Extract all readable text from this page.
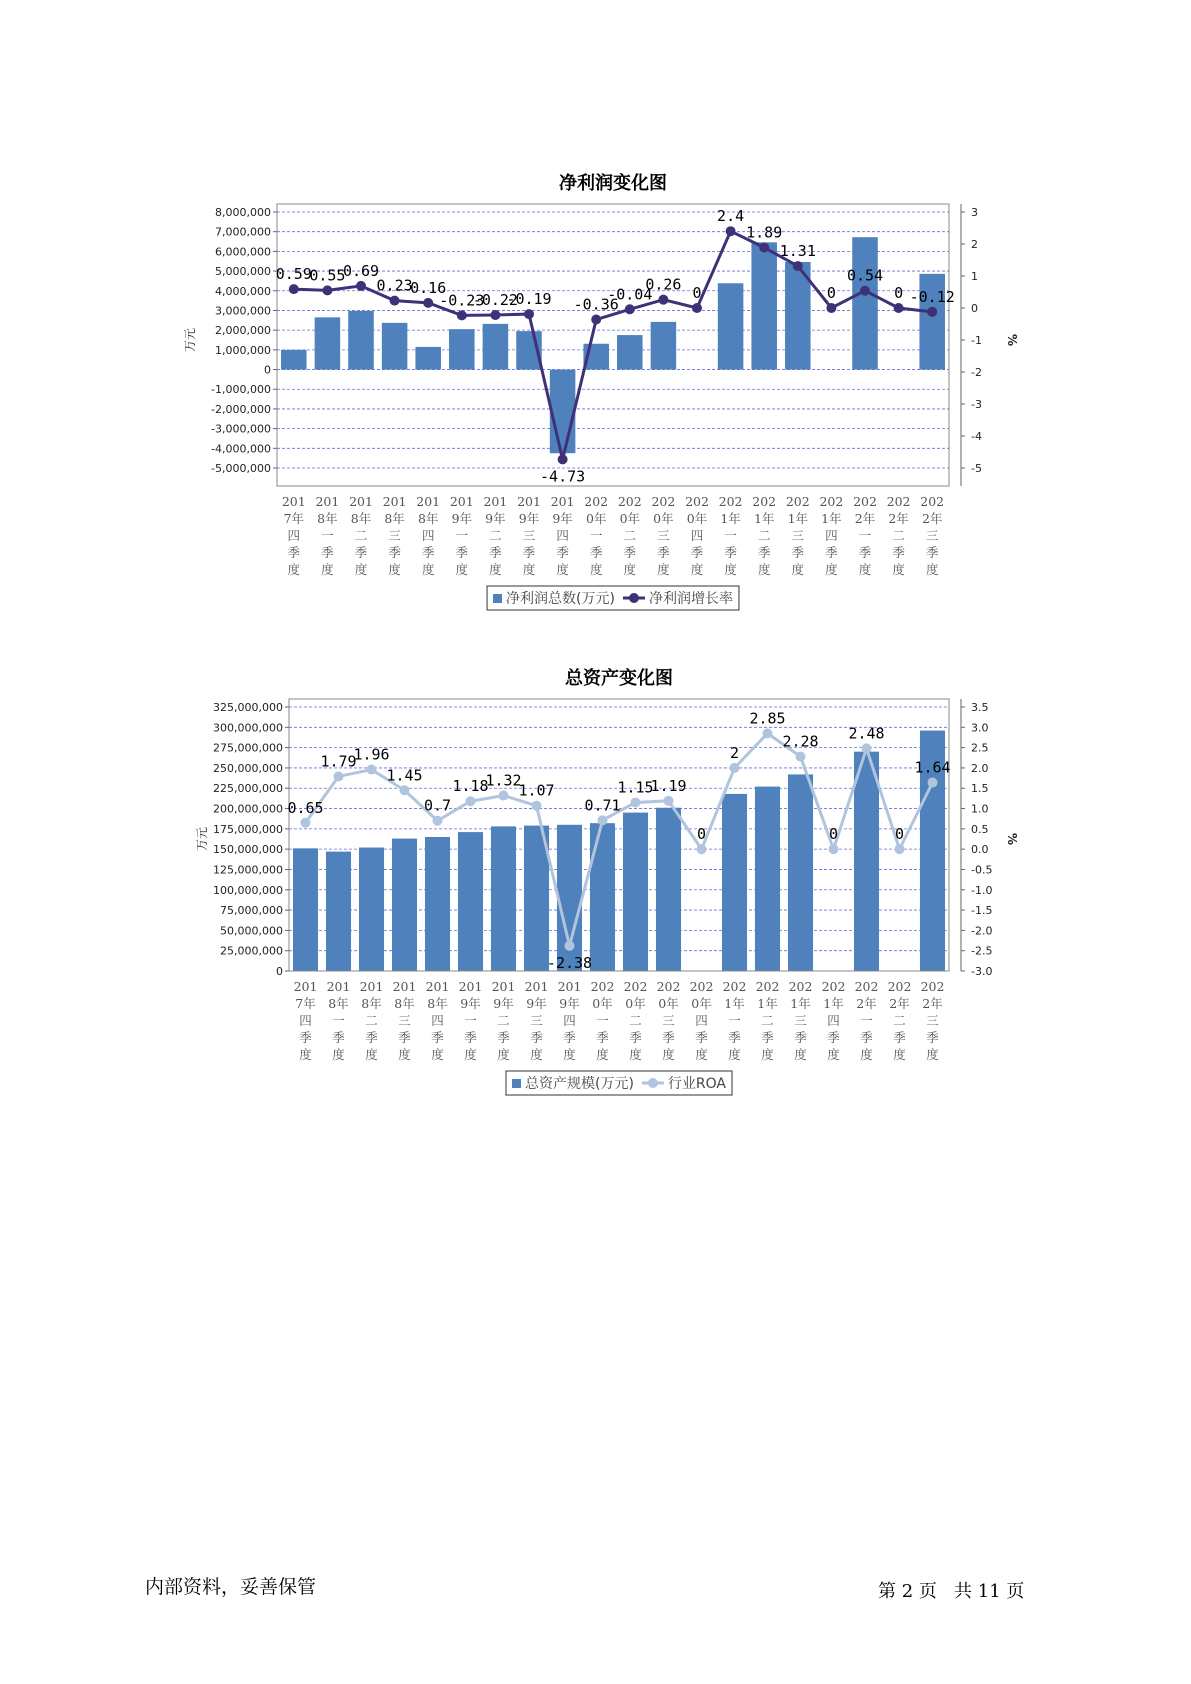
净利润变化图
8,000,000
7,000,000
6,000,000
5,000,000
4,000,000
3,000,000
2,000,000
1,000,000
0
-1,000,000
-2,000,000
-3,000,000
-4,000,000
-5,000,000
3
2
1
0
-1
-2
-3
-4
-5
万元	%
201
7年
四
季
度
201
8年
一
季
度
201
8年
二
季
度
201
8年
三
季
度
201
8年
四
季
度
201
9年
一
季
度
201
9年
二
季
度
201
9年
三
季
度
201
9年
四
季
度
202
0年
一
季
度
202
0年
二
季
度
202
0年
三
季
度
202
0年
四
季
度
202
1年
一
季
度
202
1年
二
季
度
202
1年
三
季
度
202
1年
四
季
度
202
2年
一
季
度
202
2年
二
季
度
202
2年
三
季
度
0.59
0.55
0.69
0.23
0.16
-0.23
-0.22
-0.19
-4.73
-0.36
-0.04
0.26 0
2.4
1.89
1.31
0
0.54
0 -0.12
净利润总数(万元) 净利润增长率
总资产变化图
325,000,000
300,000,000
275,000,000
250,000,000
225,000,000
200,000,000
175,000,000
150,000,000
125,000,000
100,000,000
75,000,000
50,000,000
25,000,000
0
3.5
3.0
2.5
2.0
1.5
1.0
0.5
0.0
-0.5
-1.0
-1.5
-2.0
-2.5
-3.0
万元	%
201
7年
四
季
度
201
8年
一
季
度
201
8年
二
季
度
201
8年
三
季
度
201
8年
四
季
度
201
9年
一
季
度
201
9年
二
季
度
201
9年
三
季
度
201
9年
四
季
度
202
0年
一
季
度
202
0年
二
季
度
202
0年
三
季
度
202
0年
四
季
度
202
1年
一
季
度
202
1年
二
季
度
202
1年
三
季
度
202
1年
四
季
度
202
2年
一
季
度
202
2年
二
季
度
202
2年
三
季
度
0.65
1.79
1.96
1.45
0.7
1.18
1.32
1.07
-2.38
0.71
1.15
1.19
0
2
2.85
2.28
0
2.48
0
1.64
总资产规模(万元) 行业ROA
内部资料，妥善保管	第 2 页   共 11 页
